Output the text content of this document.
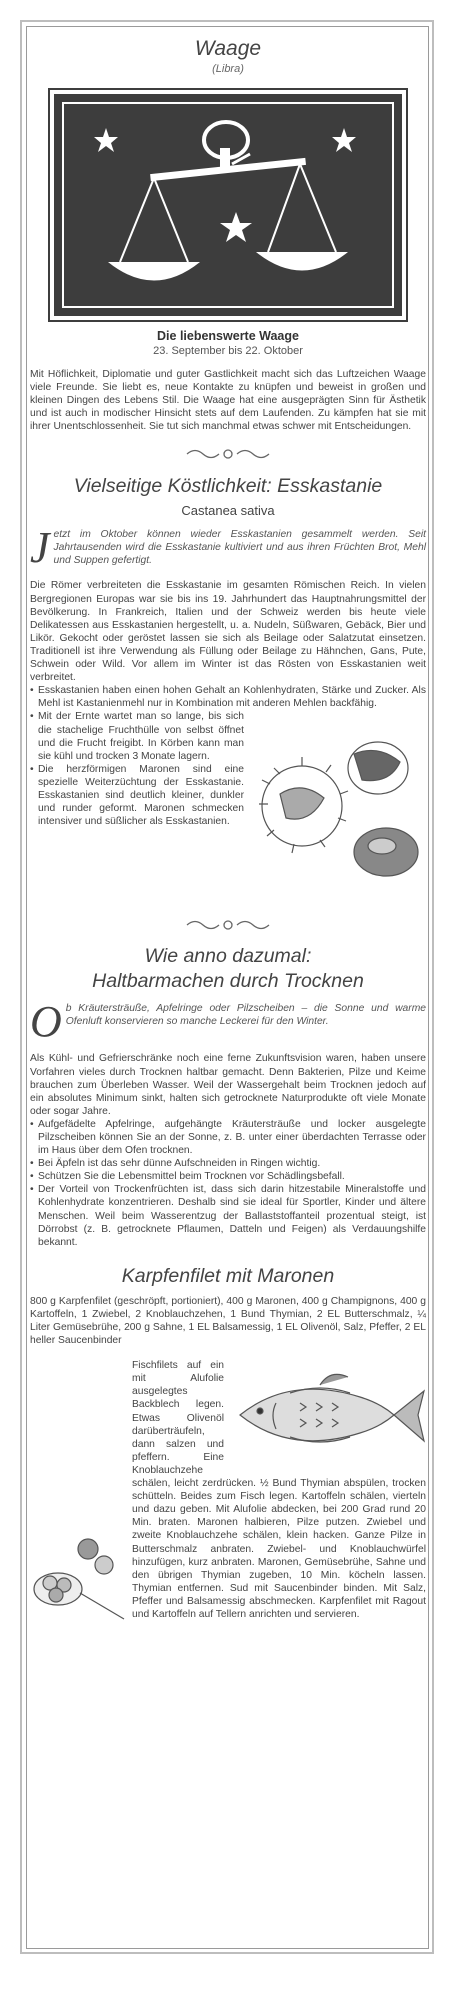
Waage
(Libra)
Die liebenswerte Waage
23. September bis 22. Oktober

Mit Höflichkeit, Diplomatie und guter Gastlichkeit macht sich das Luftzeichen Waage viele Freunde. Sie liebt es, neue Kontakte zu knüpfen und beweist in großen und kleinen Dingen des Lebens Stil. Die Waage hat eine ausgeprägten Sinn für Ästhetik und ist auch in modischer Hinsicht stets auf dem Laufenden. Zu kämpfen hat sie mit ihrer Unentschlossenheit. Sie tut sich manchmal etwas schwer mit Entscheidungen.

Vielseitige Köstlichkeit: Esskastanie
Castanea sativa
Jetzt im Oktober können wieder Esskastanien gesammelt werden. Seit Jahrtausenden wird die Esskastanie kultiviert und aus ihren Früchten Brot, Mehl und Suppen gefertigt.

Die Römer verbreiteten die Esskastanie im gesamten Römischen Reich. In vielen Bergregionen Europas war sie bis ins 19. Jahrhundert das Hauptnahrungsmittel der Bevölkerung. In Frankreich, Italien und der Schweiz werden bis heute viele Delikatessen aus Esskastanien hergestellt, u. a. Nudeln, Süßwaren, Gebäck, Bier und Likör. Gekocht oder geröstet lassen sie sich als Beilage oder Salatzutat einsetzen. Traditionell ist ihre Verwendung als Füllung oder Beilage zu Hähnchen, Gans, Pute, Schwein oder Wild. Vor allem im Winter ist das Rösten von Esskastanien weit verbreitet.

• Esskastanien haben einen hohen Gehalt an Kohlenhydraten, Stärke und Zucker. Als Mehl ist Kastanienmehl nur in Kombination mit anderen Mehlen backfähig.
• Mit der Ernte wartet man so lange, bis sich die stachelige Fruchthülle von selbst öffnet und die Frucht freigibt. In Körben kann man sie kühl und trocken 3 Monate lagern.
• Die herzförmigen Maronen sind eine spezielle Weiterzüchtung der Esskastanie. Esskastanien sind deutlich kleiner, dunkler und runder geformt. Maronen schmecken intensiver und süßlicher als Esskastanien.
Wie anno dazumal:
Haltbarmachen durch Trocknen
Ob Kräutersträuße, Apfelringe oder Pilzscheiben – die Sonne und warme Ofenluft konservieren so manche Leckerei für den Winter.

Als Kühl- und Gefrierschränke noch eine ferne Zukunftsvision waren, haben unsere Vorfahren vieles durch Trocknen haltbar gemacht. Denn Bakterien, Pilze und Keime brauchen zum Überleben Wasser. Weil der Wassergehalt beim Trocknen jedoch auf ein absolutes Minimum sinkt, halten sich getrocknete Naturprodukte oft viele Monate oder sogar Jahre.

• Aufgefädelte Apfelringe, aufgehängte Kräutersträuße und locker ausgelegte Pilzscheiben können Sie an der Sonne, z. B. unter einer überdachten Terrasse oder im Haus über dem Ofen trocknen.
• Bei Äpfeln ist das sehr dünne Aufschneiden in Ringen wichtig.
• Schützen Sie die Lebensmittel beim Trocknen vor Schädlingsbefall.
• Der Vorteil von Trockenfrüchten ist, dass sich darin hitzestabile Mineralstoffe und Kohlenhydrate konzentrieren. Deshalb sind sie ideal für Sportler, Kinder und ältere Menschen. Weil beim Wasserentzug der Ballaststoffanteil prozentual steigt, ist Dörrobst (z. B. getrocknete Pflaumen, Datteln und Feigen) als Verdauungshilfe bekannt.
Karpfenfilet mit Maronen

800 g Karpfenfilet (geschröpft, portioniert), 400 g Maronen, 400 g Champignons, 400 g Kartoffeln, 1 Zwiebel, 2 Knoblauchzehen, 1 Bund Thymian, 2 EL Butterschmalz, ¼ Liter Gemüsebrühe, 200 g Sahne, 1 EL Balsamessig, 1 EL Olivenöl, Salz, Pfeffer, 2 EL heller Saucenbinder

Fischfilets auf ein mit Alufolie ausgelegtes Backblech legen. Etwas Olivenöl darüberträufeln, dann salzen und pfeffern. Eine Knoblauchzehe schälen, leicht zerdrücken. ½ Bund Thymian abspülen, trocken schütteln. Beides zum Fisch legen. Kartoffeln schälen, vierteln und dazu geben. Mit Alufolie abdecken, bei 200 Grad rund 20 Min. braten. Maronen halbieren, Pilze putzen. Zwiebel und zweite Knoblauchzehe schälen, klein hacken. Ganze Pilze in Butterschmalz anbraten. Zwiebel- und Knoblauchwürfel hinzufügen, kurz anbraten. Maronen, Gemüsebrühe, Sahne und den übrigen Thymian zugeben, 10 Min. köcheln lassen. Thymian entfernen. Sud mit Saucenbinder binden. Mit Salz, Pfeffer und Balsamessig abschmecken. Karpfenfilet mit Ragout und Kartoffeln auf Tellern anrichten und servieren.
